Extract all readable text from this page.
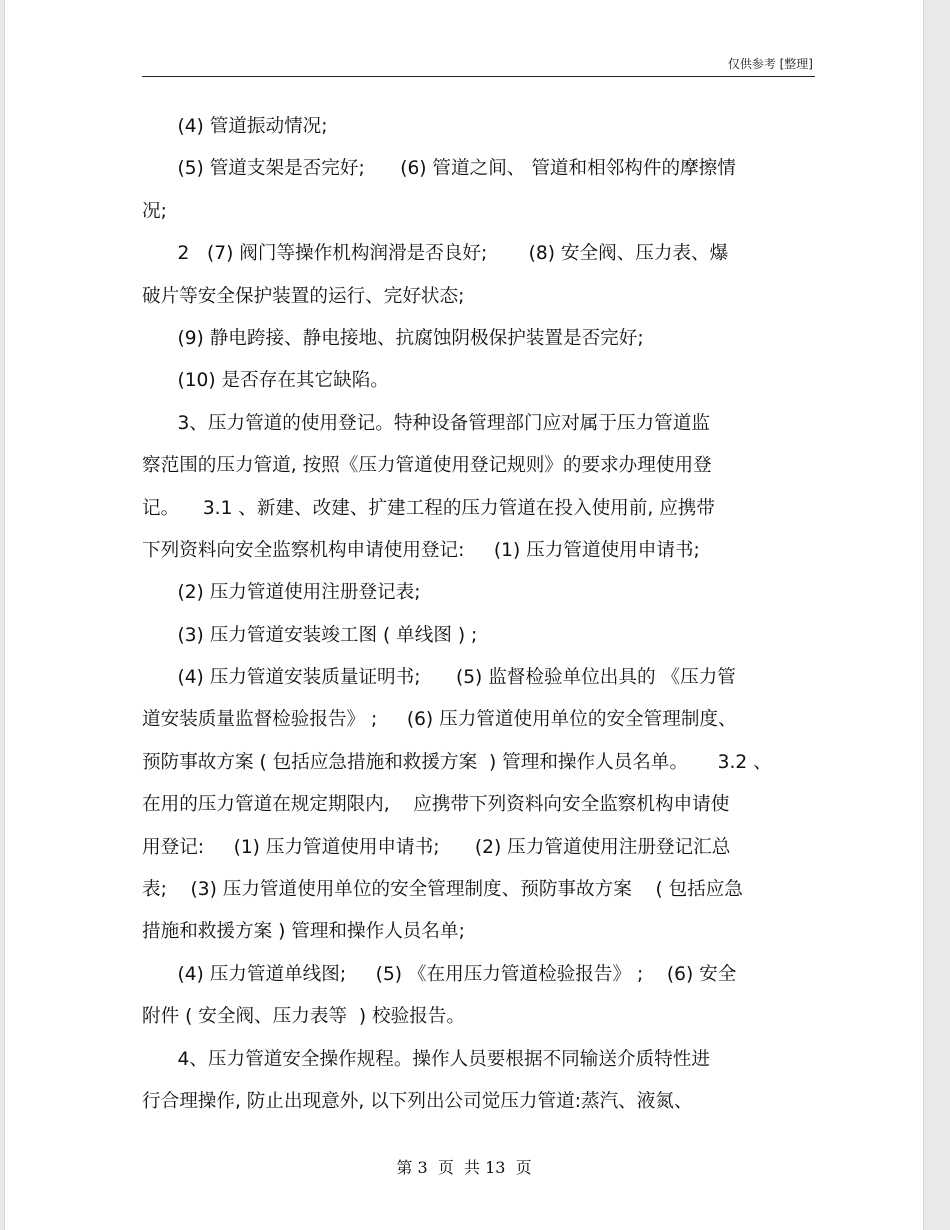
仅供参考 [整理]
(4) 管道振动情况;
(5) 管道支架是否完好;      (6) 管道之间、 管道和相邻构件的摩擦情
况;
2   (7) 阀门等操作机构润滑是否良好;       (8) 安全阀、压力表、爆
破片等安全保护装置的运行、完好状态;
(9) 静电跨接、静电接地、抗腐蚀阴极保护装置是否完好;
(10) 是否存在其它缺陷。
3、压力管道的使用登记。特种设备管理部门应对属于压力管道监
察范围的压力管道, 按照《压力管道使用登记规则》的要求办理使用登
记。    3.1 、新建、改建、扩建工程的压力管道在投入使用前, 应携带
下列资料向安全监察机构申请使用登记:     (1) 压力管道使用申请书;
(2) 压力管道使用注册登记表;
(3) 压力管道安装竣工图 ( 单线图 ) ;
(4) 压力管道安装质量证明书;      (5) 监督检验单位出具的 《压力管
道安装质量监督检验报告》 ;     (6) 压力管道使用单位的安全管理制度、
预防事故方案 ( 包括应急措施和救援方案  ) 管理和操作人员名单。     3.2 、
在用的压力管道在规定期限内,    应携带下列资料向安全监察机构申请使
用登记:     (1) 压力管道使用申请书;      (2) 压力管道使用注册登记汇总
表;    (3) 压力管道使用单位的安全管理制度、预防事故方案    ( 包括应急
措施和救援方案 ) 管理和操作人员名单;
(4) 压力管道单线图;     (5) 《在用压力管道检验报告》 ;    (6) 安全
附件 ( 安全阀、压力表等  ) 校验报告。
4、压力管道安全操作规程。操作人员要根据不同输送介质特性进
行合理操作, 防止出现意外, 以下列出公司觉压力管道:蒸汽、液氮、
第 3  页  共 13  页
